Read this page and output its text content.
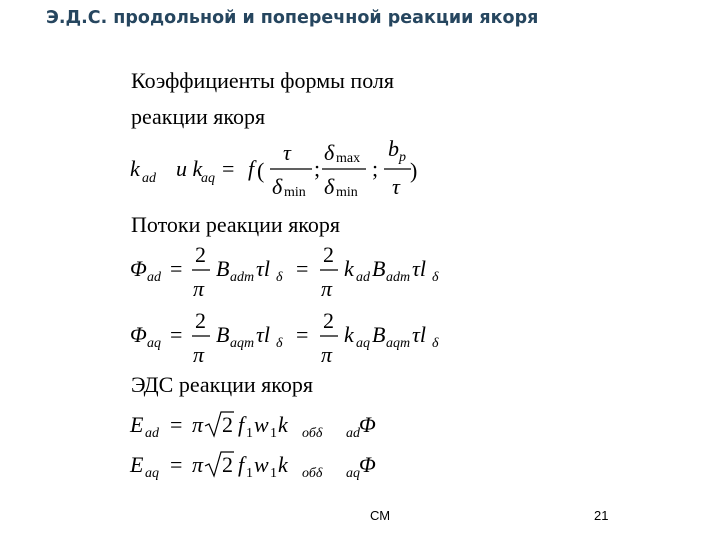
Э.Д.С. продольной и поперечной реакции якоря
Коэффициенты формы поля
реакции якоря
k ad и k
aq = f (
τ
δ min
;
δ max
δ min
;
b p
τ
)
Потоки реакции якоря
Φ ad =
2
π
B adm τl δ =
2
π
k ad B adm τl δ
Φ aq =
2
π
B aqm τl δ =
2
π
k aq B aqm τl δ
ЭДС реакции якоря
E ad = π 2 f 1 w 1 k обδ ad Φ
E aq = π 2 f 1 w 1 k обδ aq Φ
СМ	21
